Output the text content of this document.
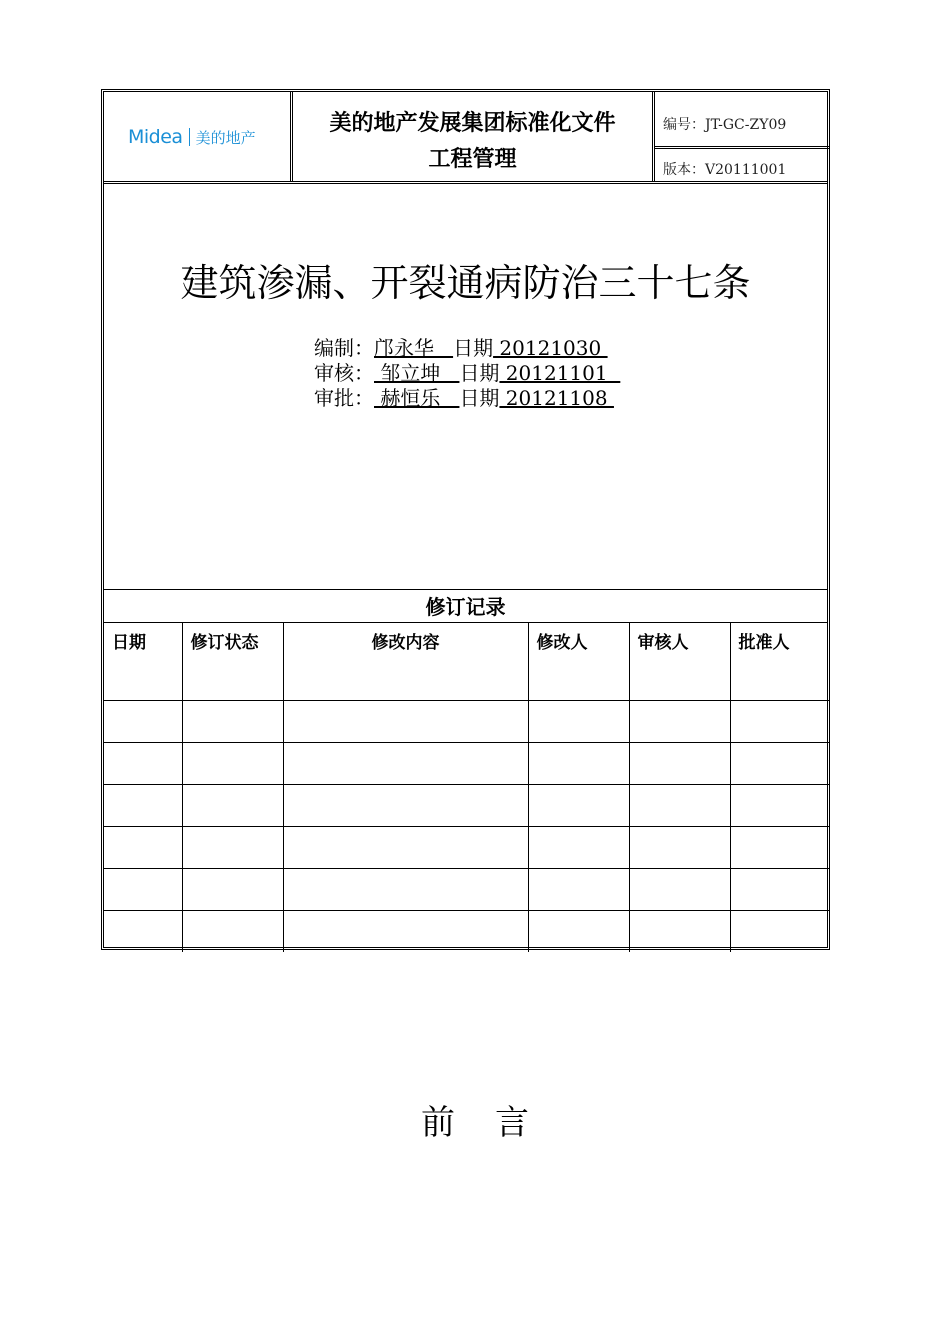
Midea 美的地产
美的地产发展集团标准化文件
工程管理
编号：JT-GC-ZY09
版本：V20111001
建筑渗漏、开裂通病防治三十七条
编制：邝永华   日期 20121030
审核： 邹立坤   日期 20121101
审批： 赫恒乐   日期 20121108
修订记录
日期	修订状态	修改内容	修改人	审核人	批准人

前言
